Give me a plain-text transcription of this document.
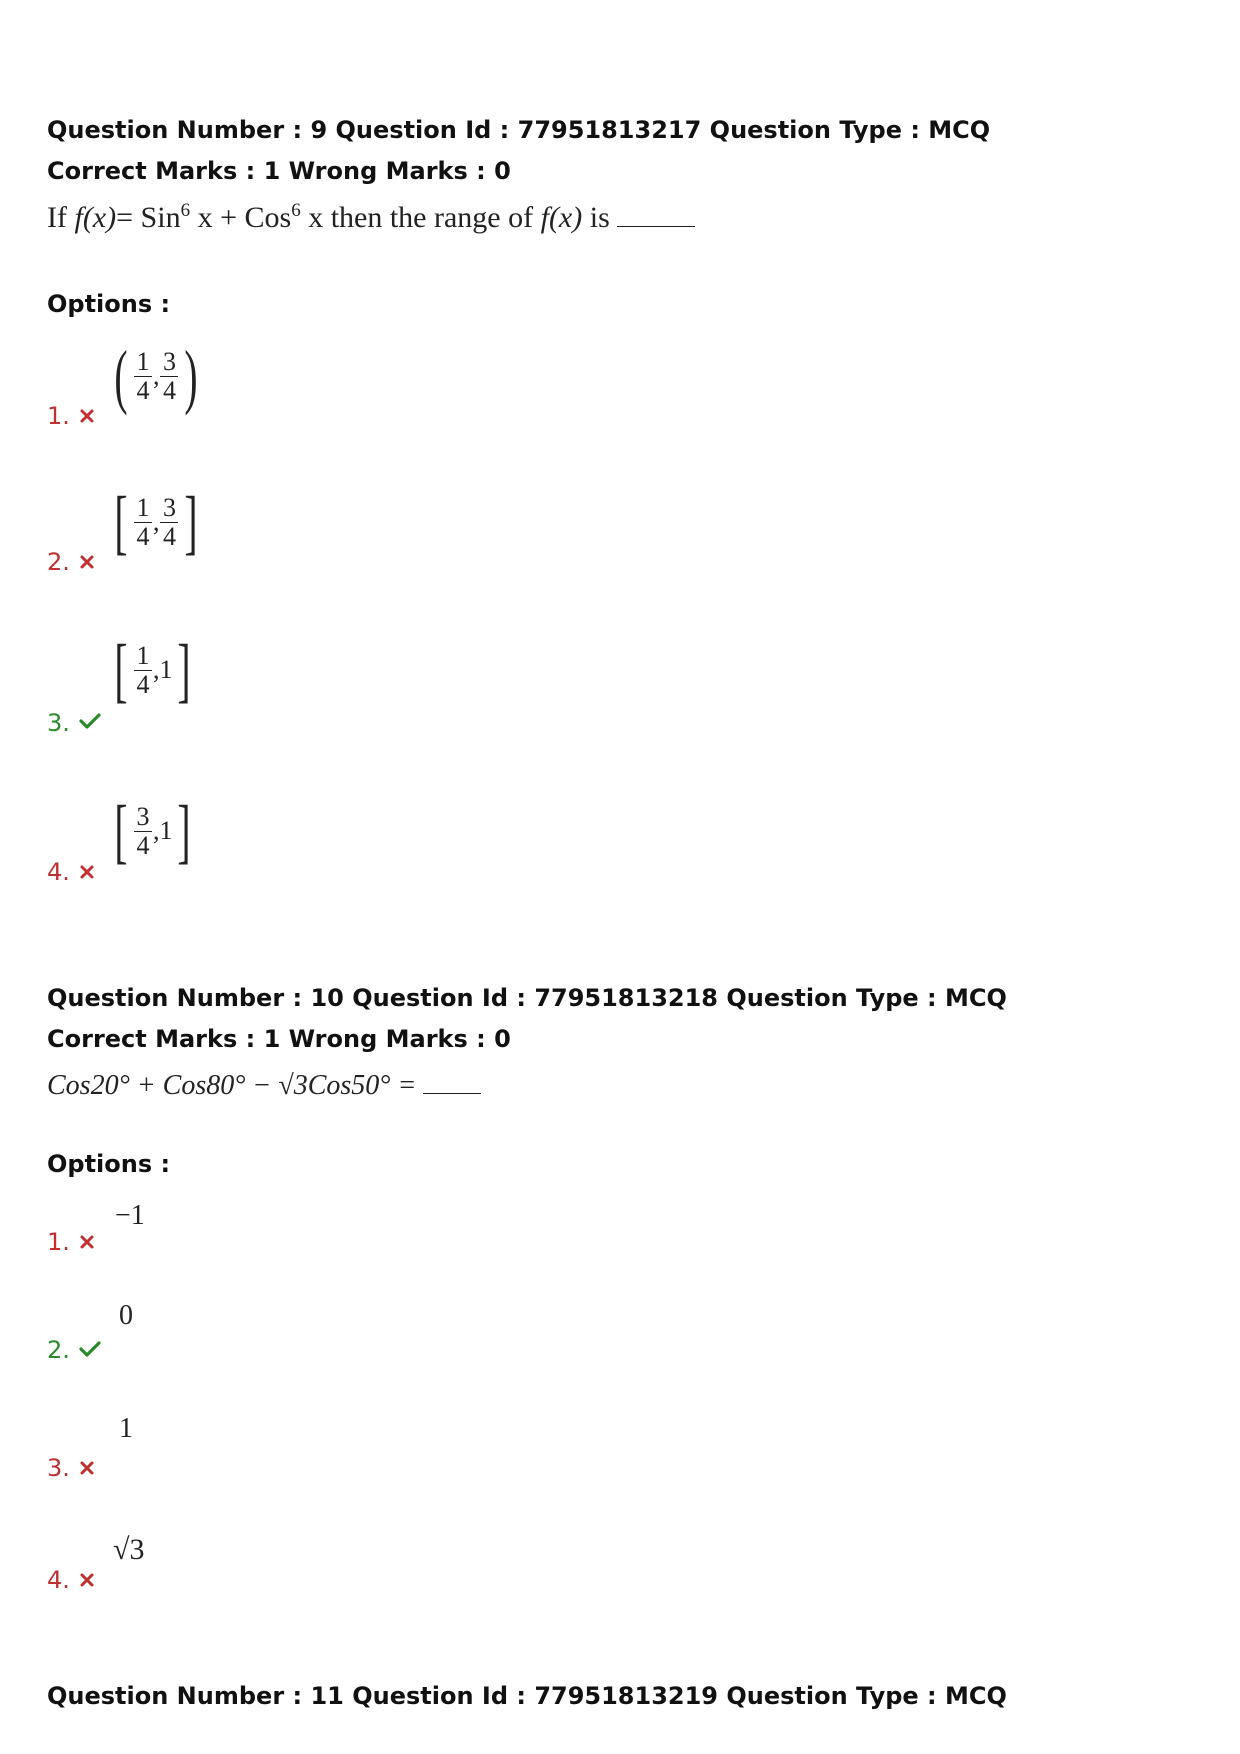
Question Number : 9 Question Id : 77951813217 Question Type : MCQ
Correct Marks : 1 Wrong Marks : 0
If f(x)= Sin$^6$ x + Cos$^6$ x then the range of f(x) is
Options :
1. ( $\frac{1}{4}$ , $\frac{3}{4}$ )
2. [ $\frac{1}{4}$ , $\frac{3}{4}$ ]
3.
[ $\frac{1}{4} ,1$ ]
4.
[ $\frac{3}{4} ,1$ ]
Question Number : 10 Question Id : 77951813218 Question Type : MCQ
Correct Marks : 1 Wrong Marks : 0
Cos20° + Cos80° − √3Cos50° =
Options :
1.
−1
2.
0
3.
1
4.
√3
Question Number : 11 Question Id : 77951813219 Question Type : MCQ
